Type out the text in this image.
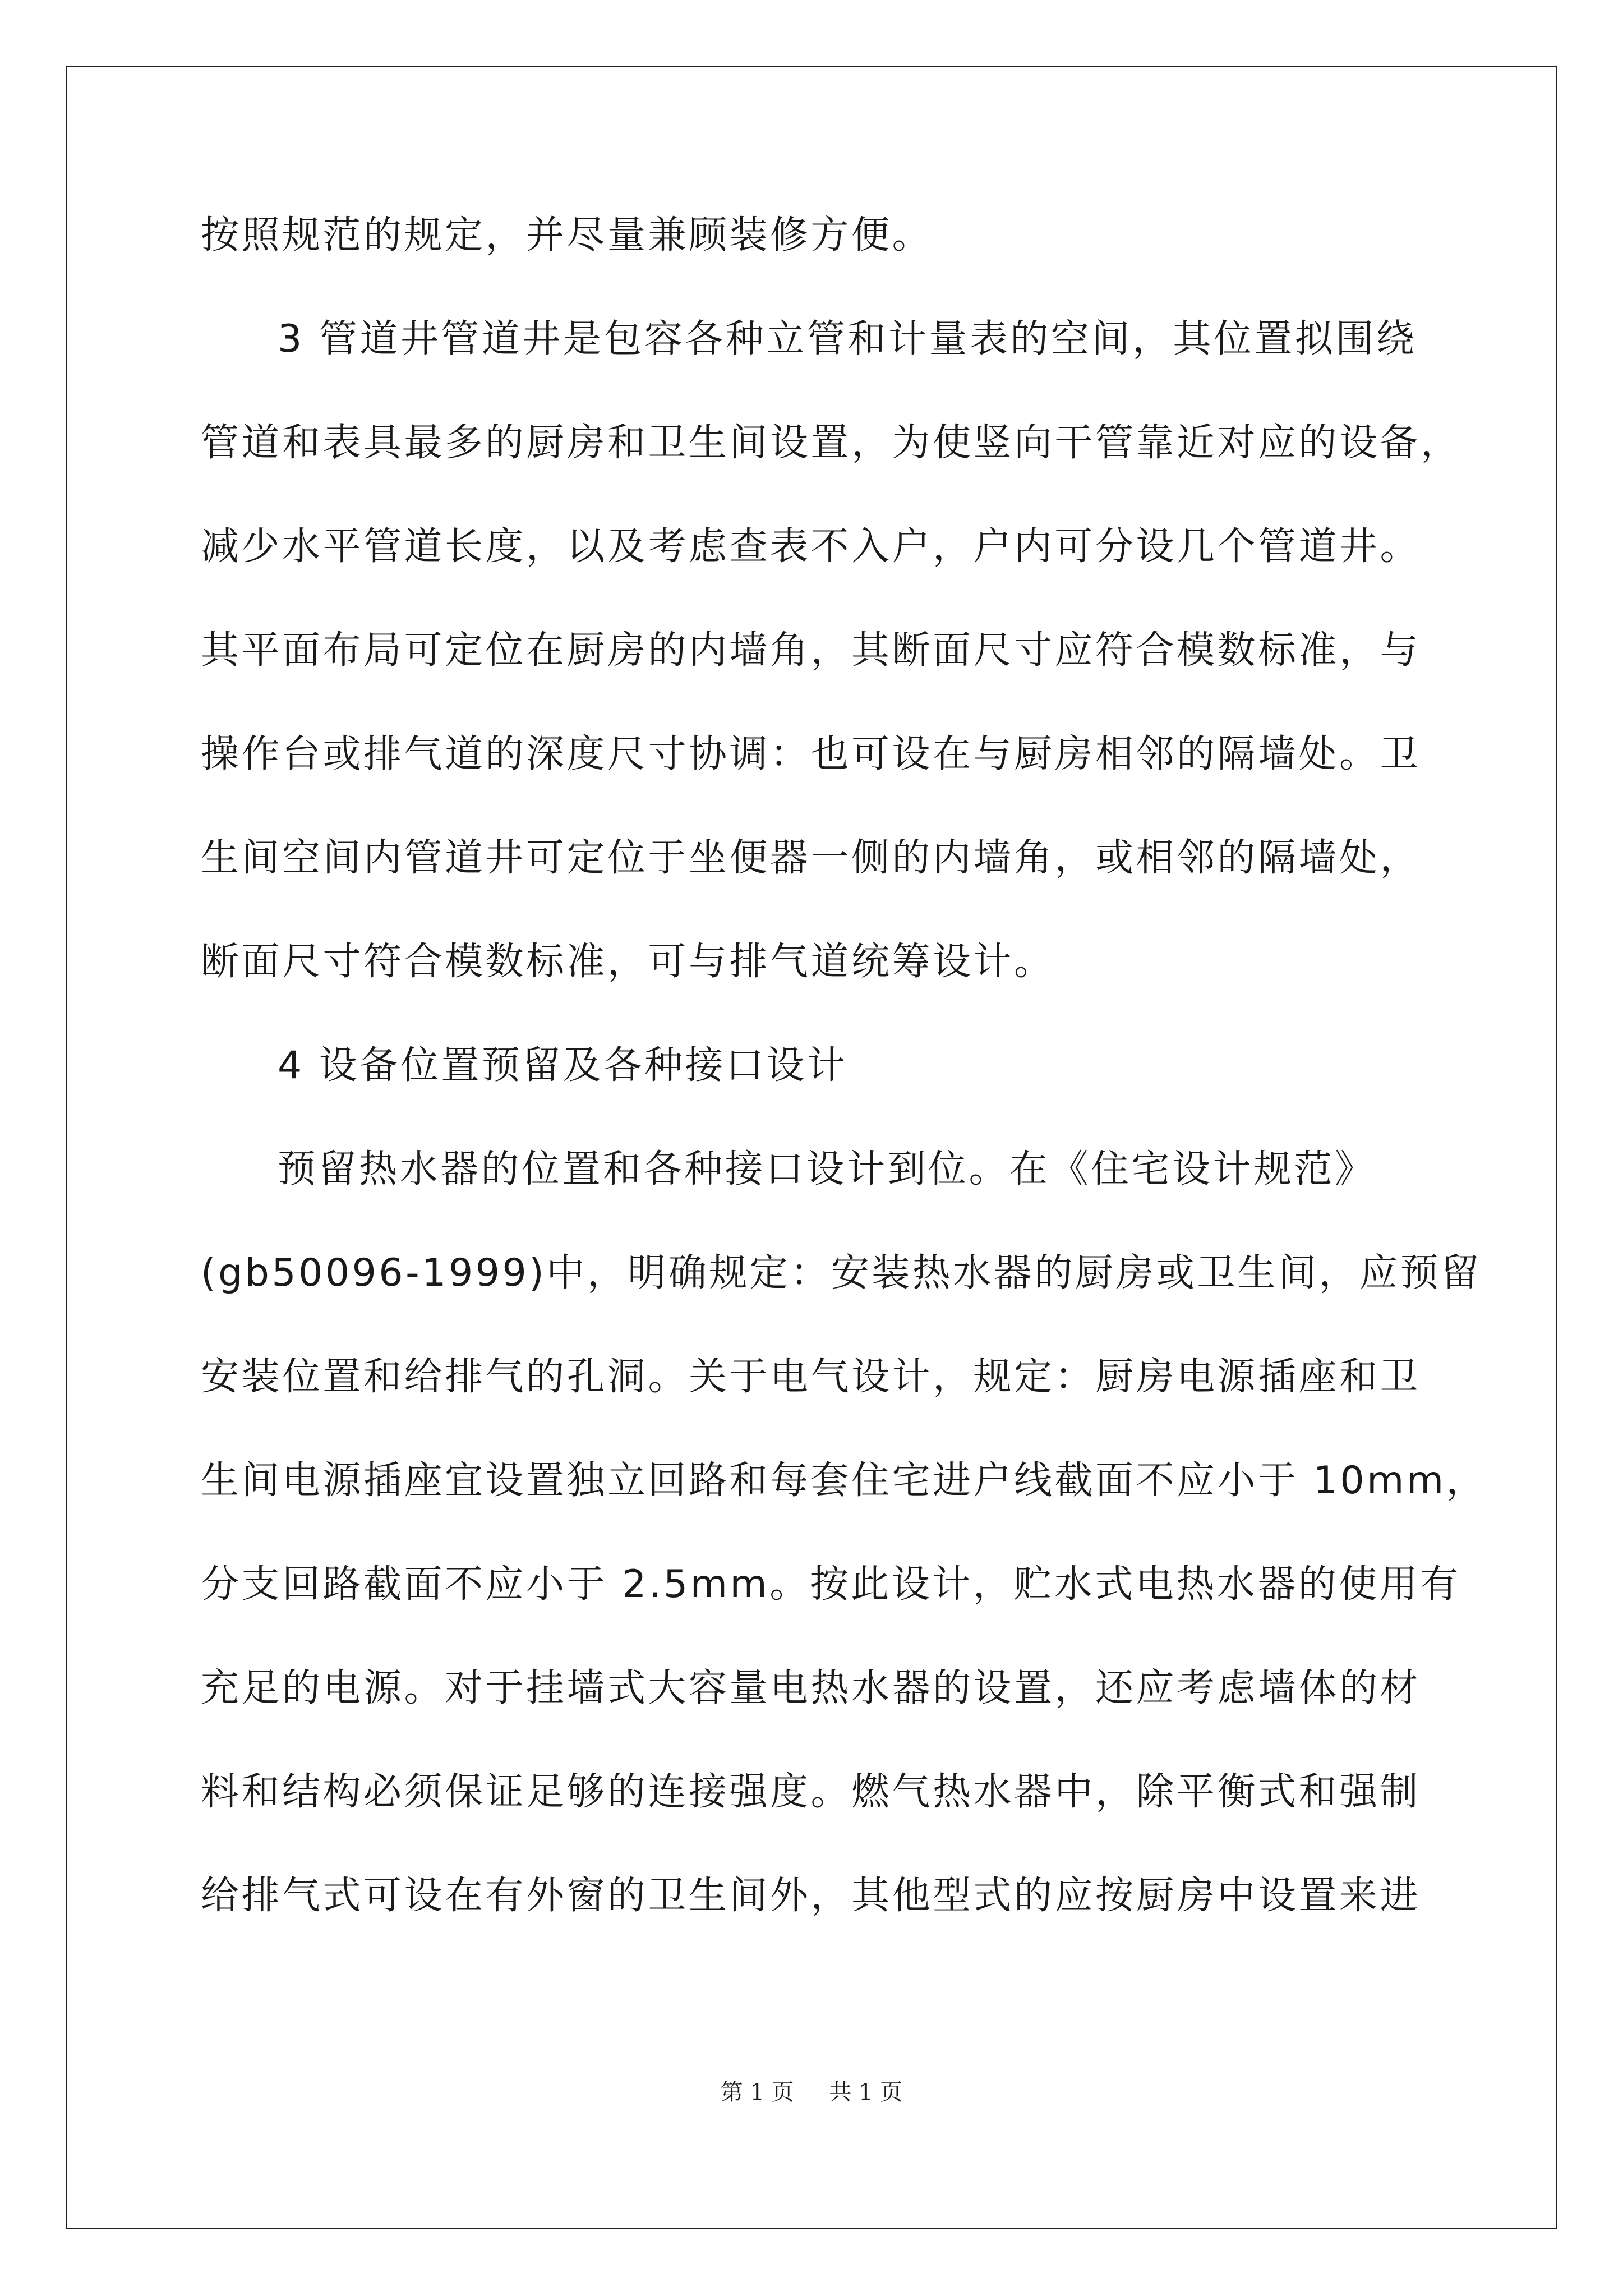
按照规范的规定，并尽量兼顾装修方便。

3 管道井管道井是包容各种立管和计量表的空间，其位置拟围绕

管道和表具最多的厨房和卫生间设置，为使竖向干管靠近对应的设备，

减少水平管道长度，以及考虑查表不入户，户内可分设几个管道井。

其平面布局可定位在厨房的内墙角，其断面尺寸应符合模数标准，与

操作台或排气道的深度尺寸协调：也可设在与厨房相邻的隔墙处。卫

生间空间内管道井可定位于坐便器一侧的内墙角，或相邻的隔墙处，

断面尺寸符合模数标准，可与排气道统筹设计。

4 设备位置预留及各种接口设计

预留热水器的位置和各种接口设计到位。在《住宅设计规范》

(gb50096-1999)中，明确规定：安装热水器的厨房或卫生间，应预留

安装位置和给排气的孔洞。关于电气设计，规定：厨房电源插座和卫

生间电源插座宜设置独立回路和每套住宅进户线截面不应小于 10mm，

分支回路截面不应小于 2.5mm。按此设计，贮水式电热水器的使用有

充足的电源。对于挂墙式大容量电热水器的设置，还应考虑墙体的材

料和结构必须保证足够的连接强度。燃气热水器中，除平衡式和强制

给排气式可设在有外窗的卫生间外，其他型式的应按厨房中设置来进

第 1 页 共 1 页
